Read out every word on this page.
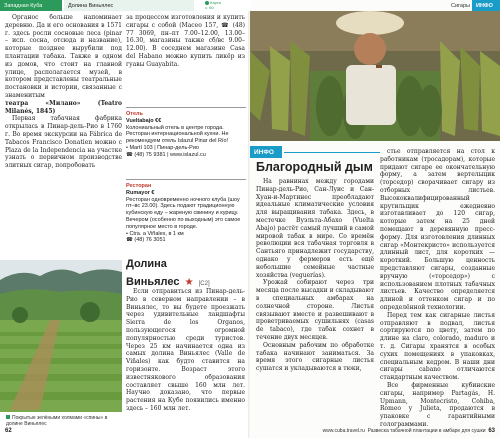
Западная Куба	Долина Виньялес
Карта
с. 60

Органос больше напоминает деревню. Да и его основания в 1571 г. здесь росли сосновые леса (pinar – исп. сосна, отсюда и название), которые позднее вырубили под плантации табака. Также в одном из домов, что стоит на главной улице, располагается музей, в котором представлены театральные постановки и истории, связанные с знаменитым

театра «Милано» (Teatro Milanés, 1845)

Первая табачная фабрика открылась в Пинар-дель-Рио в 1760 г. Во время экскурсии на Fábrica de Tabacos Francisco Donatien можно с Plaza de la Independencia на участке узнать о первичном производстве элитных сигар, попробовать

Покрытые зелёными холмами «спины» в долине Виньялес

за процессом изготовления и купить сигары с собой (Maceo 157, ☎ (48) 77 3069, пн–пт 7.00–12.00, 13.00–16.30, магазины также сб/вс 9.00–12.00). В соседнем магазине Casa del Habano можно купить ликёр из гуавы Guayabita.

Отель
Vueltabajo €€
Колониальный отель в центре города. Ресторан интернациональной кухни. Не рекомендуем отель Islazul Pinar del Río!
• Martí 103 | Пинар-дель-Рио
☎ (48) 75 9381 | www.islazul.cu
Ресторан
Rumayor €
Ресторан одновременно ночного клуба (шоу пт–вс 23.00). Здесь подают традиционную кубинскую еду – жареную свинину и курицу. Вечером (особенно по выходным) это самое популярное место в городе.
• Ctra. a Viñales, в 1 км
☎ (48) 76 3051
Долина
Виньялес ★ [C2]

Если отправиться из Пинар-дель-Рио в северном направлении – в Виньялес, то вы будете проезжать через удивительные ландшафты Sierra de los Organos, пользующегося огромной популярностью среди туристов. Через 25 км начинается одна из самых долина Виньялес (Valle de Viñales) как будто ставится на горизонте. Возраст этого известнякового образования составляет свыше 160 млн лет. Научно доказано, что первые растения на Кубе появились именно здесь – 160 млн лет.

62
Сигары	ИНФО
ИНФО
Благородный дым

На равнинах между городами Пинар-дель-Рио, Сан-Луис и Сан-Хуан-и-Мартинес преобладают идеальные климатические условия для выращивания табака. Здесь, в местечке Вуэльта-Абахо (Vuelta Abajo) растёт самый лучший в самой мировой табак в мире. Со времён революции вся табачная торговля в Сантьяго принадлежит государству, однако у фермеров есть ещё небольшие семейные частные хозяйства (veguerías).

Урожай собирают через три месяца после высадки и складывают в специальных амбарах на солнечной стороне. Листья связывают вместе и развешивают в проветриваемых сушильнях (casas de tabaco), где табак сохнет в течение двух месяцев.

Основным рабочим по обработке табака начинают заниматься. За время этого сигарные листья сушатся и укладываются в тюки,

стье отправляется на стол к работникам (тросадорам), которые придают сигаре ее окончательную форму, а затем вертелыцик (торседор) сворачивает сигару из отборных листьев. Высококвалифицированный крутильщик ежедневно изготавливает до 120 сигар, которые затем на 25 дней помещают в деревянную пресс-форму. Для изготовления длинных сигар «Монтекристо» используется длинный лист, для коротких — короткий. Большую ценность представляют сигары, созданные вручную («торседор») с использованием плотных табачных листьев. Качество определяется длиной и оттенком сигар и по определённой технологии.

Перед тем как сигарные листья отправляют в подвал, листья сортируются по цвету, затем по длине на claro, colorado, maduro и т. д. Сигары хранятся в особых сухих помещениях в упаковках, специальным кедром. В наши дни сигары cabano отличаются стандартным качеством.

Все фирменные кубинские сигары, например Partagás, H. Upmann, Montecristo, Cohiba, Romeo y Julieta, продаются в упаковке с гарантийными голограммами.

www.cuba.travel.ru Развеска табачной плантации в амбаре для сушки 63
